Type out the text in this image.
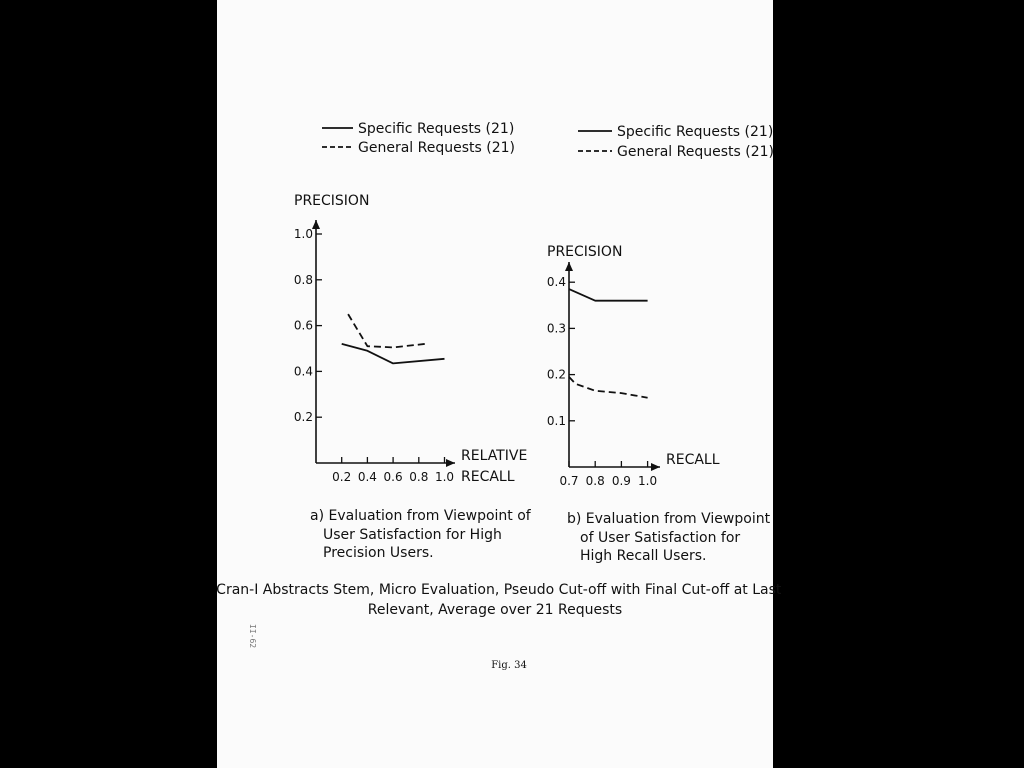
Specific Requests (21)
General Requests (21)
Specific Requests (21)
General Requests (21)
PRECISION
0.2
0.4
0.6
0.8
1.0
0.2 0.4 0.6 0.8 1.0
RELATIVE RECALL
a) Evaluation from Viewpoint of User Satisfaction for High Precision Users.
PRECISION
0.1
0.2
0.3
0.4
0.7 0.8 0.9 1.0
RECALL
b) Evaluation from Viewpoint of User Satisfaction for High Recall Users.
Cran-I Abstracts Stem, Micro Evaluation, Pseudo Cut-off with Final Cut-off at Last Relevant, Average over 21 Requests
Fig. 34
II-62
